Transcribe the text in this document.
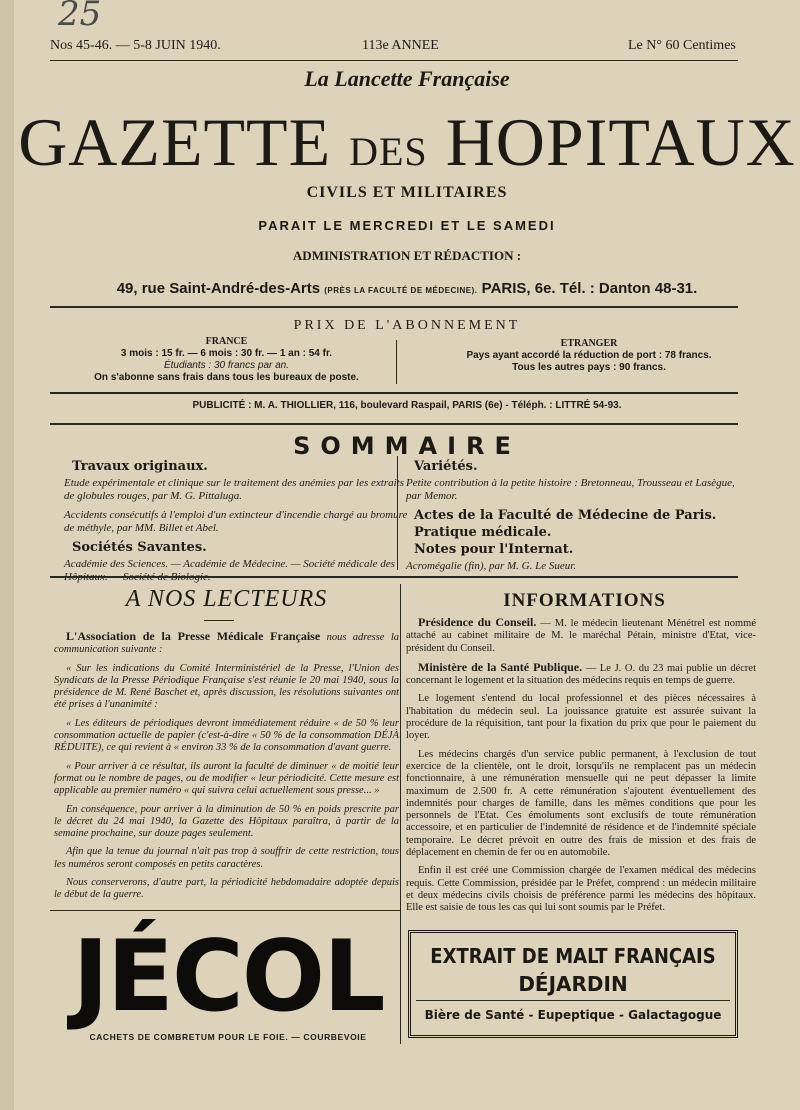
25
Nos 45-46. — 5-8 JUIN 1940.	113e ANNEE	Le N° 60 Centimes
La Lancette Française
GAZETTE DES HOPITAUX
CIVILS ET MILITAIRES
PARAIT LE MERCREDI ET LE SAMEDI
ADMINISTRATION ET RÉDACTION :
49, rue Saint-André-des-Arts (PRÈS LA FACULTÉ DE MÉDECINE). PARIS, 6e. Tél. : Danton 48-31.
PRIX DE L'ABONNEMENT
FRANCE
3 mois : 15 fr. — 6 mois : 30 fr. — 1 an : 54 fr.
Étudiants : 30 francs par an.
On s'abonne sans frais dans tous les bureaux de poste.
ETRANGER
Pays ayant accordé la réduction de port : 78 francs.
Tous les autres pays : 90 francs.
PUBLICITÉ : M. A. THIOLLIER, 116, boulevard Raspail, PARIS (6e) - Téléph. : LITTRÉ 54-93.
SOMMAIRE
Travaux originaux.
Etude expérimentale et clinique sur le traitement des anémies par les extraits de globules rouges, par M. G. Pittaluga.
Accidents consécutifs à l'emploi d'un extincteur d'incendie chargé au bromure de méthyle, par MM. Billet et Abel.
Sociétés Savantes.
Académie des Sciences. — Académie de Médecine. — Société médicale des Hôpitaux. — Société de Biologie.
Variétés.
Petite contribution à la petite histoire : Bretonneau, Trousseau et Lasègue, par Memor.
Actes de la Faculté de Médecine de Paris.
Pratique médicale.
Notes pour l'Internat.
Acromégalie (fin), par M. G. Le Sueur.
A NOS LECTEURS

L'Association de la Presse Médicale Française nous adresse la communication suivante :

« Sur les indications du Comité Interministériel de la Presse, l'Union des Syndicats de la Presse Périodique Française s'est réunie le 20 mai 1940, sous la présidence de M. René Baschet et, après discussion, les résolutions suivantes ont été prises à l'unanimité :

« Les éditeurs de périodiques devront immédiatement réduire « de 50 % leur consommation actuelle de papier (c'est-à-dire « 50 % de la consommation DÉJÀ RÉDUITE), ce qui revient à « environ 33 % de la consommation d'avant guerre.

« Pour arriver à ce résultat, ils auront la faculté de diminuer « de moitié leur format ou le nombre de pages, ou de modifier « leur périodicité. Cette mesure est applicable au premier numéro « qui suivra celui actuellement sous presse... »

En conséquence, pour arriver à la diminution de 50 % en poids prescrite par le décret du 24 mai 1940, la Gazette des Hôpitaux paraîtra, à partir de la semaine prochaine, sur douze pages seulement.

Afin que la tenue du journal n'ait pas trop à souffrir de cette restriction, tous les numéros seront composés en petits caractères.

Nous conserverons, d'autre part, la périodicité hebdomadaire adoptée depuis le début de la guerre.

INFORMATIONS

Présidence du Conseil. — M. le médecin lieutenant Ménétrel est nommé attaché au cabinet militaire de M. le maréchal Pétain, ministre d'Etat, vice-président du Conseil.

Ministère de la Santé Publique. — Le J. O. du 23 mai publie un décret concernant le logement et la situation des médecins requis en temps de guerre.

Le logement s'entend du local professionnel et des pièces nécessaires à l'habitation du médecin seul. La jouissance gratuite est assurée suivant la procédure de la réquisition, tant pour la fixation du prix que pour le paiement du loyer.

Les médecins chargés d'un service public permanent, à l'exclusion de tout exercice de la clientèle, ont le droit, lorsqu'ils ne remplacent pas un médecin fonctionnaire, à une rémunération mensuelle qui ne peut dépasser la limite maximum de 2.500 fr. A cette rémunération s'ajoutent éventuellement des indemnités pour charges de famille, dans les mêmes conditions que pour les personnels de l'Etat. Ces émoluments sont exclusifs de toute rémunération accessoire, et en particulier de l'indemnité de résidence et de l'indemnité spéciale temporaire. Le décret prévoit en outre des frais de mission et des frais de déplacement en chemin de fer ou en automobile.

Enfin il est créé une Commission chargée de l'examen médical des médecins requis. Cette Commission, présidée par le Préfet, comprend : un médecin militaire et deux médecins civils choisis de préférence parmi les médecins des hôpitaux. Elle est saisie de tous les cas qui lui sont soumis par le Préfet.

JÉCOL
CACHETS DE COMBRETUM POUR LE FOIE. — COURBEVOIE
EXTRAIT DE MALT FRANÇAIS
DÉJARDIN
Bière de Santé - Eupeptique - Galactagogue
